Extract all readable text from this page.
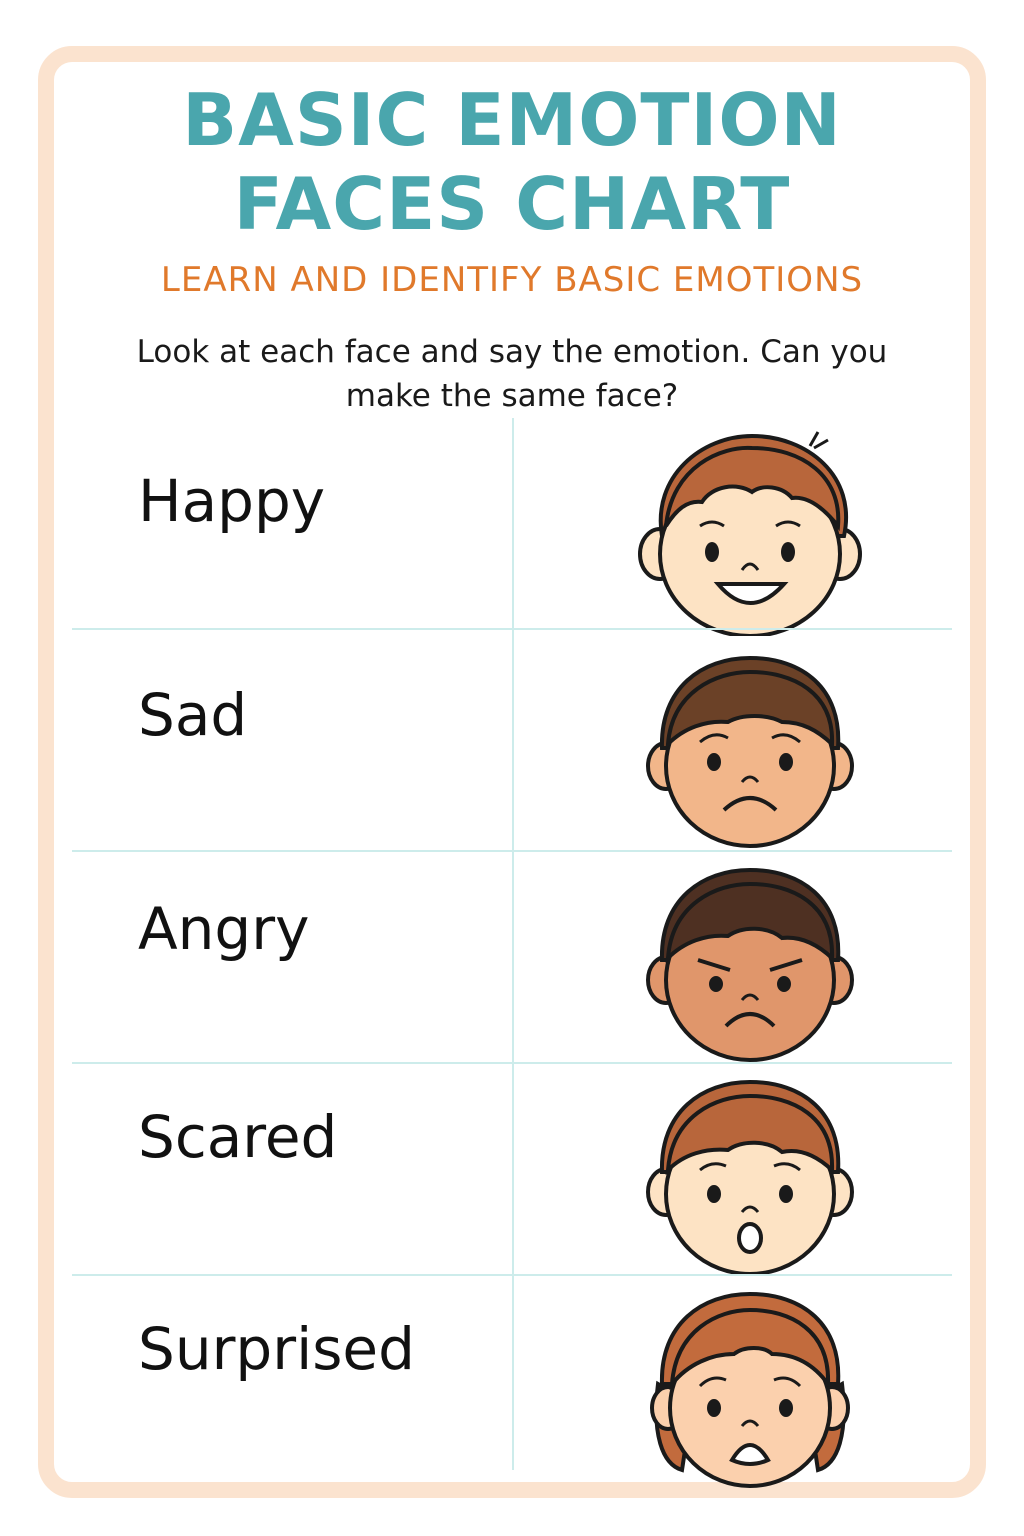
BASIC EMOTION
FACES CHART
LEARN AND IDENTIFY BASIC EMOTIONS
Look at each face and say the emotion. Can you make the same face?
Happy
Sad
Angry
Scared
Surprised
